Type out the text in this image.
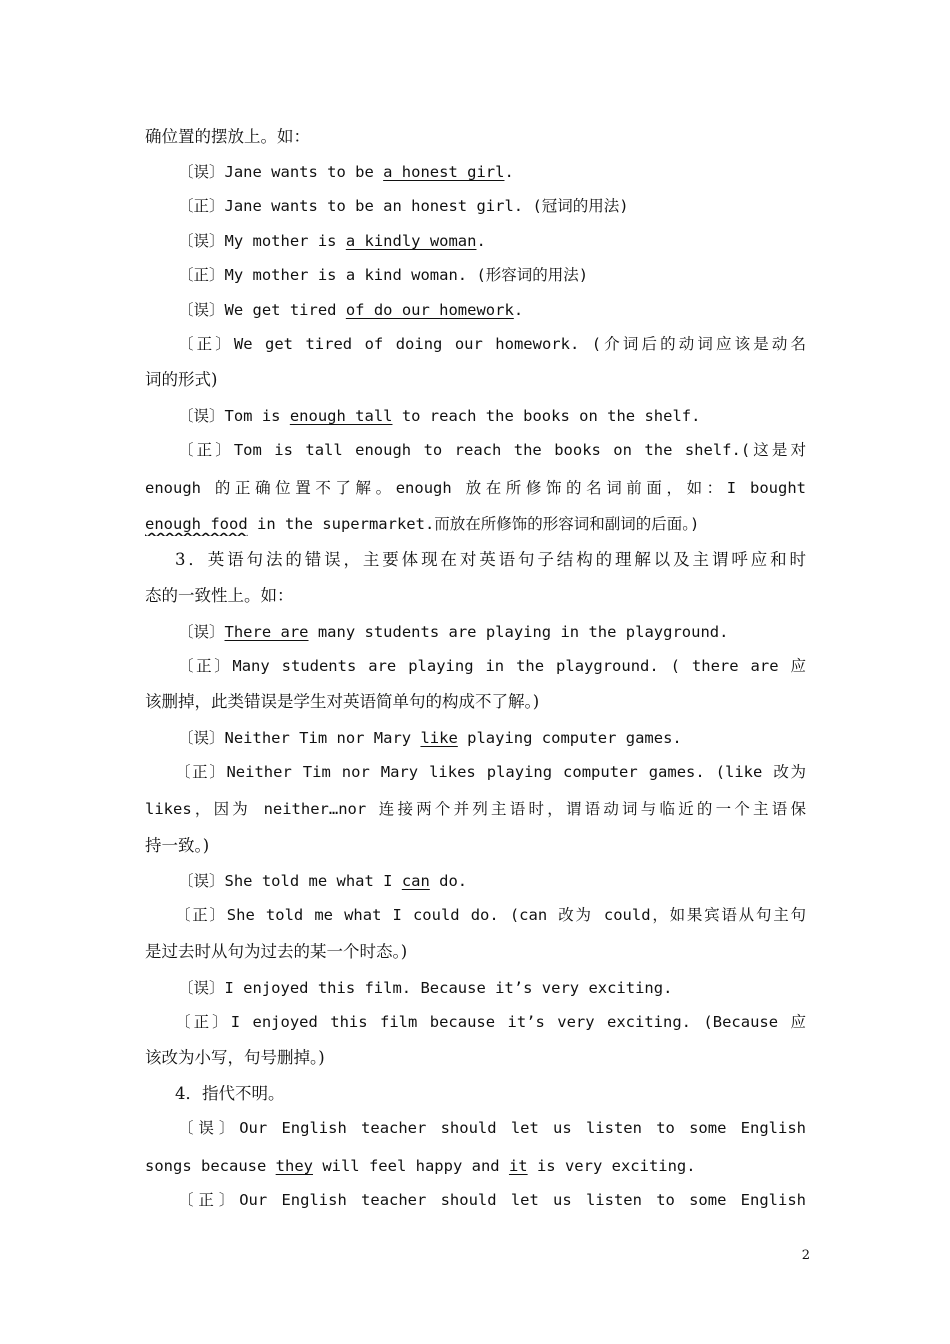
确位置的摆放上。如：
〔误〕Jane wants to be a honest girl.
〔正〕Jane wants to be an honest girl. (冠词的用法)
〔误〕My mother is a kindly woman.
〔正〕My mother is a kind woman. (形容词的用法)
〔误〕We get tired of do our homework.
〔正〕We get tired of doing our homework. (介词后的动词应该是动名
词的形式)
〔误〕Tom is enough tall to reach the books on the shelf.
〔正〕Tom is tall enough to reach the books on the shelf.(这是对
enough 的正确位置不了解。enough 放在所修饰的名词前面，如：I bought
enough food in the supermarket.而放在所修饰的形容词和副词的后面。)
3．英语句法的错误，主要体现在对英语句子结构的理解以及主谓呼应和时
态的一致性上。如：
〔误〕There are many students are playing in the playground.
〔正〕Many students are playing in the playground. ( there are 应
该删掉，此类错误是学生对英语简单句的构成不了解。)
〔误〕Neither Tim nor Mary like playing computer games.
〔正〕Neither Tim nor Mary likes playing computer games. (like 改为
likes，因为 neither…nor 连接两个并列主语时，谓语动词与临近的一个主语保
持一致。)
〔误〕She told me what I can do.
〔正〕She told me what I could do. (can 改为 could，如果宾语从句主句
是过去时从句为过去的某一个时态。)
〔误〕I enjoyed this film. Because it’s very exciting.
〔正〕I enjoyed this film because it’s very exciting. (Because 应
该改为小写，句号删掉。)
4．指代不明。
〔误〕Our English teacher should let us listen to some English
songs because they will feel happy and it is very exciting.
〔正〕Our English teacher should let us listen to some English
2
